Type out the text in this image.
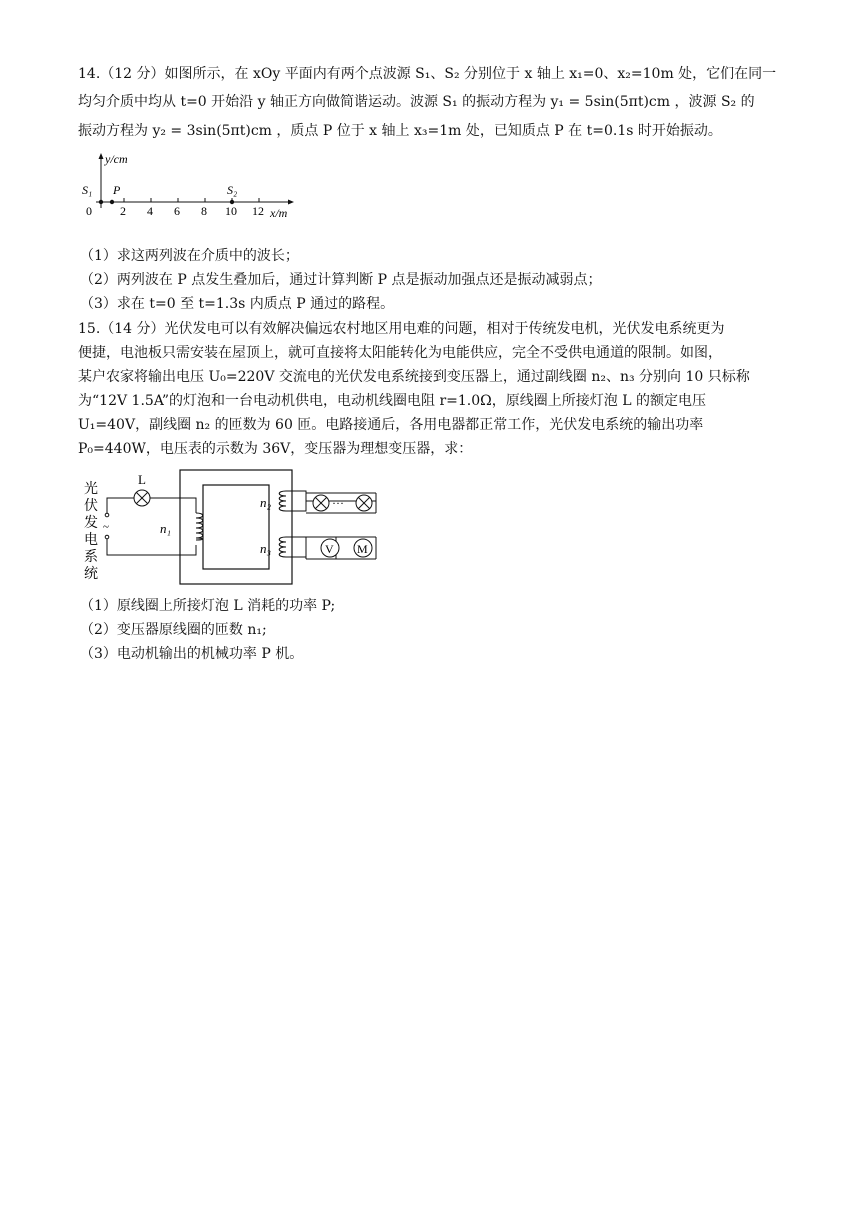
14.（12 分）如图所示，在 xOy 平面内有两个点波源 S₁、S₂ 分别位于 x 轴上 x₁=0、x₂=10m 处，它们在同一
均匀介质中均从 t=0 开始沿 y 轴正方向做简谐运动。波源 S₁ 的振动方程为 y₁ = 5sin(5πt)cm ，波源 S₂ 的
振动方程为 y₂ = 3sin(5πt)cm ，质点 P 位于 x 轴上 x₃=1m 处，已知质点 P 在 t=0.1s 时开始振动。
y/cm
S₁ P	S₂
0 2 4 6 8 10 12 x/m
（1）求这两列波在介质中的波长；
（2）两列波在 P 点发生叠加后，通过计算判断 P 点是振动加强点还是振动减弱点；
（3）求在 t=0 至 t=1.3s 内质点 P 通过的路程。
15.（14 分）光伏发电可以有效解决偏远农村地区用电难的问题，相对于传统发电机，光伏发电系统更为
便捷，电池板只需安装在屋顶上，就可直接将太阳能转化为电能供应，完全不受供电通道的限制。如图，
某户农家将输出电压 U₀=220V 交流电的光伏发电系统接到变压器上，通过副线圈 n₂、n₃ 分别向 10 只标称
为“12V 1.5A”的灯泡和一台电动机供电，电动机线圈电阻 r=1.0Ω，原线圈上所接灯泡 L 的额定电压
U₁=40V，副线圈 n₂ 的匝数为 60 匝。电路接通后，各用电器都正常工作，光伏发电系统的输出功率
P₀=440W，电压表的示数为 36V，变压器为理想变压器，求：
光
伏
发
电
系
统
~
L
n₁
n₂
n₃
···
V M
（1）原线圈上所接灯泡 L 消耗的功率 P;
（2）变压器原线圈的匝数 n₁;
（3）电动机输出的机械功率 P 机。
